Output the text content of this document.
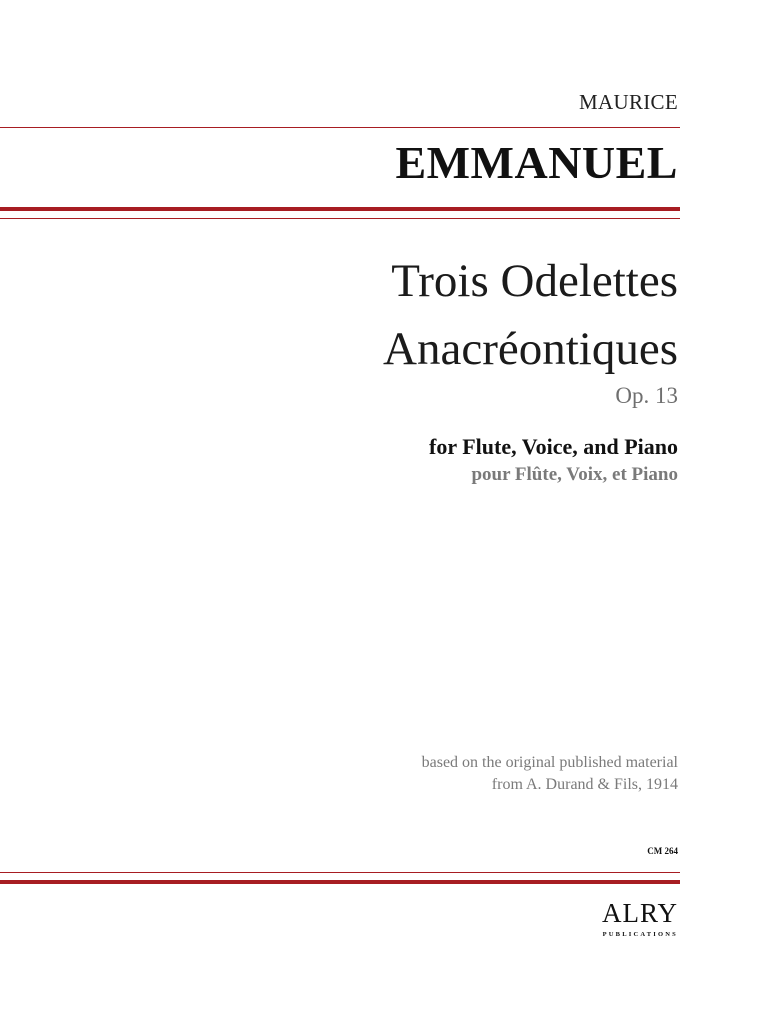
MAURICE
EMMANUEL
Trois Odelettes
Anacréontiques
Op. 13
for Flute, Voice, and Piano
pour Flûte, Voix, et Piano
based on the original published material
from A. Durand & Fils, 1914
CM 264
ALRY
PUBLICATIONS
